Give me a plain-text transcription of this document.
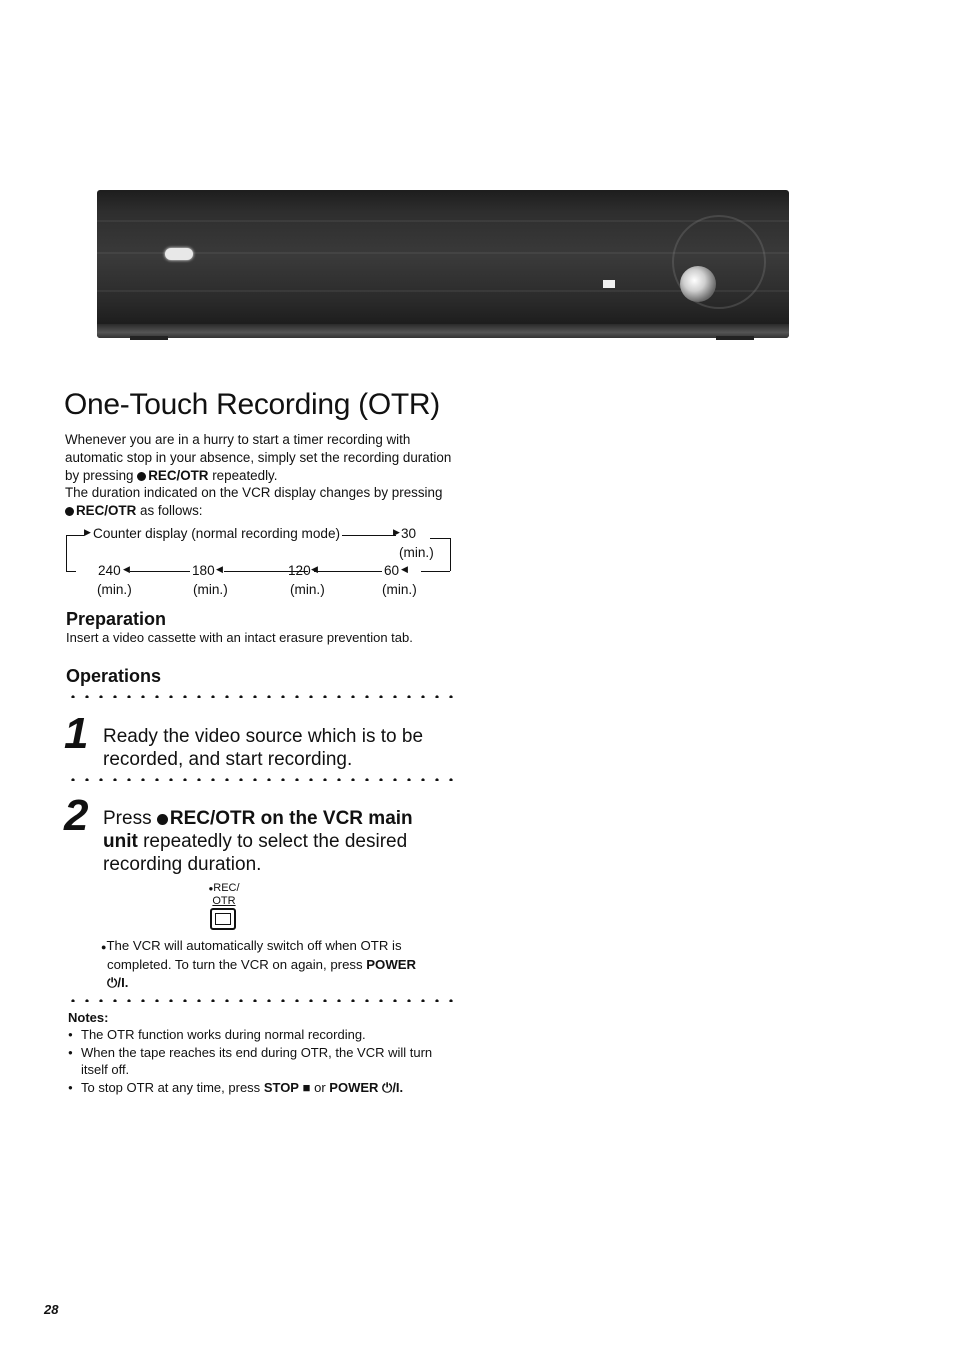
One-Touch Recording (OTR)
Whenever you are in a hurry to start a timer recording with automatic stop in your absence, simply set the recording duration by pressing REC/OTR repeatedly.
The duration indicated on the VCR display changes by pressing REC/OTR as follows:
▶ Counter display (normal recording mode)	▶ 30
(min.)
240 ◀	180 ◀	120 ◀	60 ◀
(min.)	(min.)	(min.)	(min.)
Preparation
Insert a video cassette with an intact erasure prevention tab.
Operations
1 Ready the video source which is to be recorded, and start recording.
2 Press REC/OTR on the VCR main unit repeatedly to select the desired recording duration.
●REC/
OTR
●The VCR will automatically switch off when OTR is completed. To turn the VCR on again, press POWER
⏻/I.
Notes:
● The OTR function works during normal recording.
● When the tape reaches its end during OTR, the VCR will turn itself off.
● To stop OTR at any time, press STOP ■ or POWER ⏻/I.
28
